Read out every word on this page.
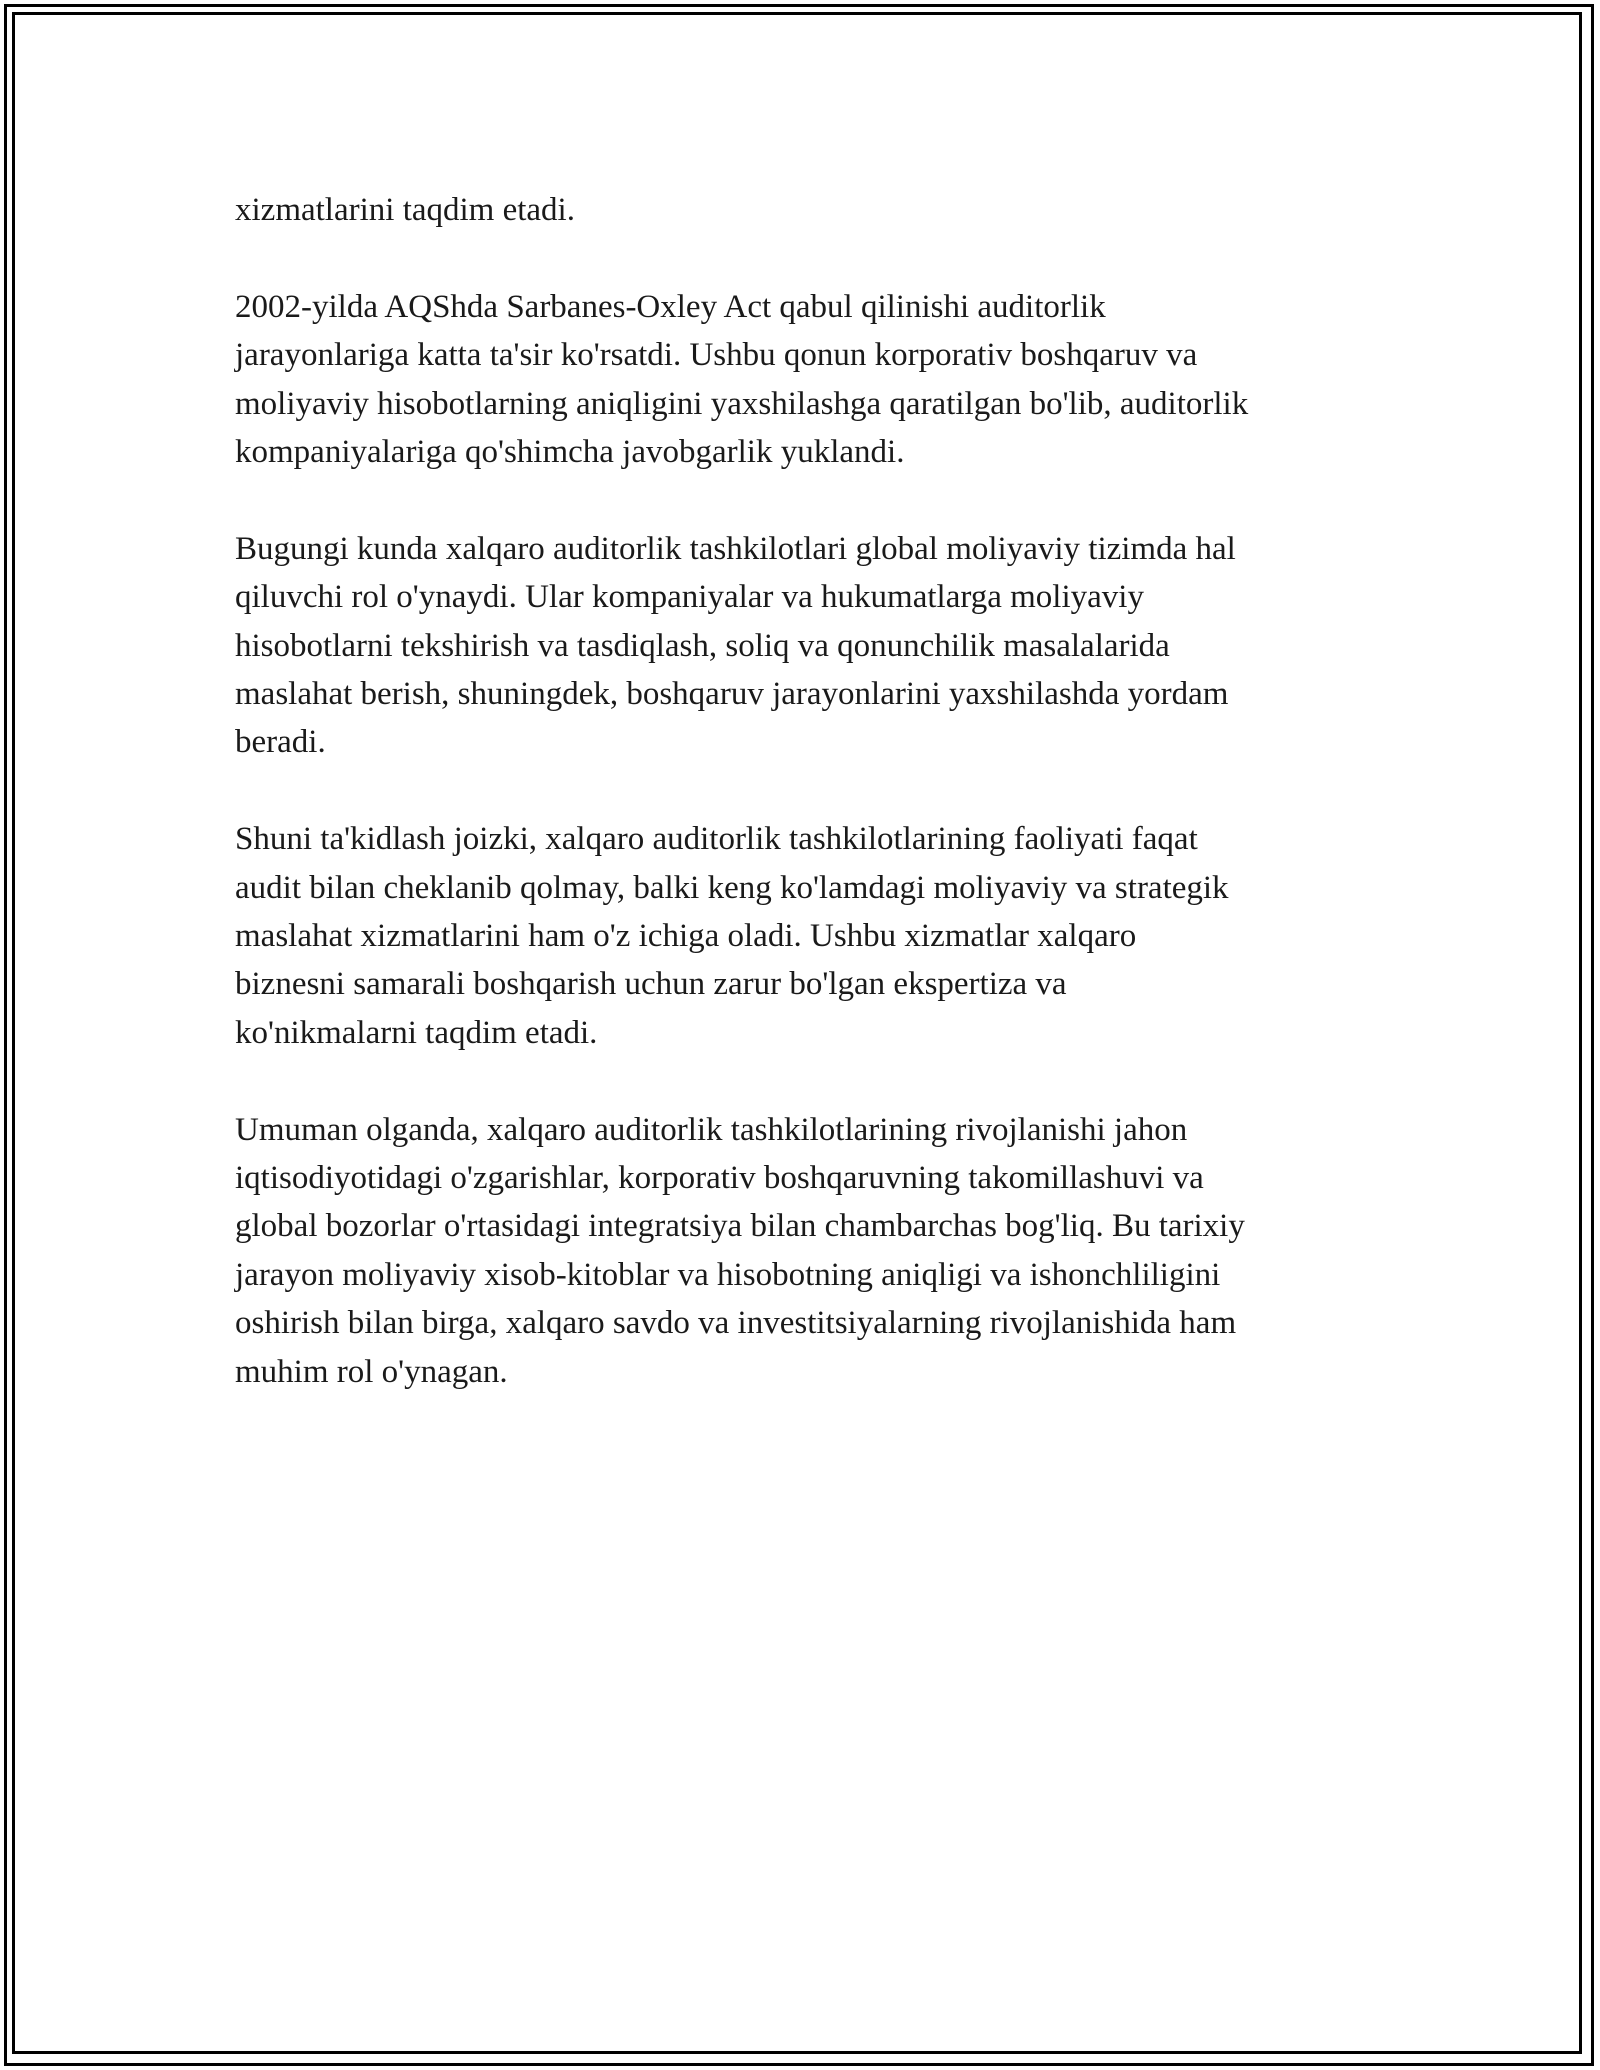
xizmatlarini taqdim etadi.

2002-yilda AQShda Sarbanes-Oxley Act qabul qilinishi auditorlik
jarayonlariga katta ta'sir ko'rsatdi. Ushbu qonun korporativ boshqaruv va
moliyaviy hisobotlarning aniqligini yaxshilashga qaratilgan bo'lib, auditorlik
kompaniyalariga qo'shimcha javobgarlik yuklandi.

Bugungi kunda xalqaro auditorlik tashkilotlari global moliyaviy tizimda hal
qiluvchi rol o'ynaydi. Ular kompaniyalar va hukumatlarga moliyaviy
hisobotlarni tekshirish va tasdiqlash, soliq va qonunchilik masalalarida
maslahat berish, shuningdek, boshqaruv jarayonlarini yaxshilashda yordam
beradi.

Shuni ta'kidlash joizki, xalqaro auditorlik tashkilotlarining faoliyati faqat
audit bilan cheklanib qolmay, balki keng ko'lamdagi moliyaviy va strategik
maslahat xizmatlarini ham o'z ichiga oladi. Ushbu xizmatlar xalqaro
biznesni samarali boshqarish uchun zarur bo'lgan ekspertiza va
ko'nikmalarni taqdim etadi.

Umuman olganda, xalqaro auditorlik tashkilotlarining rivojlanishi jahon
iqtisodiyotidagi o'zgarishlar, korporativ boshqaruvning takomillashuvi va
global bozorlar o'rtasidagi integratsiya bilan chambarchas bog'liq. Bu tarixiy
jarayon moliyaviy xisob-kitoblar va hisobotning aniqligi va ishonchliligini
oshirish bilan birga, xalqaro savdo va investitsiyalarning rivojlanishida ham
muhim rol o'ynagan.
